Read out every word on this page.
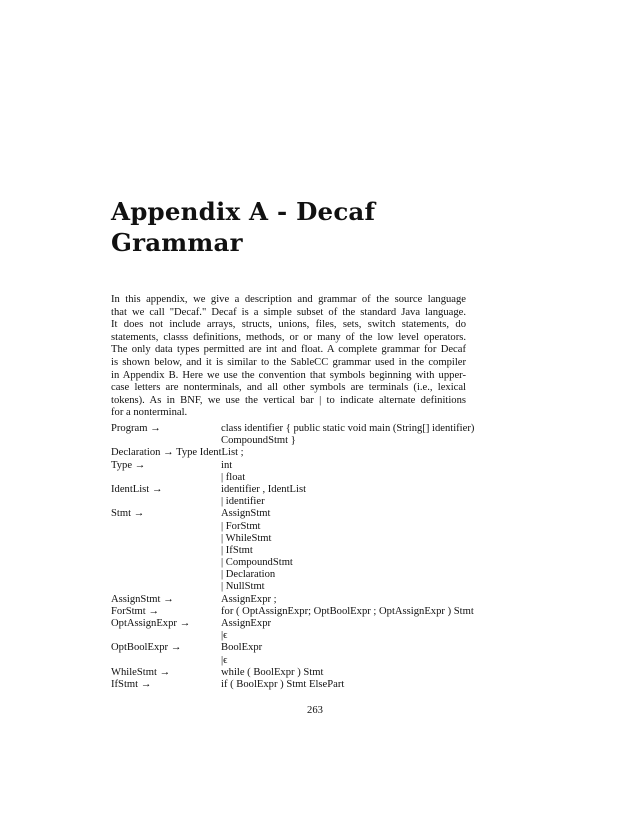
Appendix A - Decaf
Grammar

In this appendix, we give a description and grammar of the source language
that we call "Decaf." Decaf is a simple subset of the standard Java language.
It does not include arrays, structs, unions, files, sets, switch statements, do
statements, classs definitions, methods, or or many of the low level operators.
The only data types permitted are int and float. A complete grammar for Decaf
is shown below, and it is similar to the SableCC grammar used in the compiler
in Appendix B. Here we use the convention that symbols beginning with upper-
case letters are nonterminals, and all other symbols are terminals (i.e., lexical
tokens). As in BNF, we use the vertical bar | to indicate alternate definitions
for a nonterminal.

Program →	class identifier { public static void main (String[] identifier)
CompoundStmt }
Declaration → Type IdentList ;
Type →	int
| float
IdentList →	identifier , IdentList
| identifier
Stmt →	AssignStmt
| ForStmt
| WhileStmt
| IfStmt
| CompoundStmt
| Declaration
| NullStmt
AssignStmt →	AssignExpr ;
ForStmt →	for ( OptAssignExpr; OptBoolExpr ; OptAssignExpr ) Stmt
OptAssignExpr →	AssignExpr
|ϵ
OptBoolExpr →	BoolExpr
|ϵ
WhileStmt →	while ( BoolExpr ) Stmt
IfStmt →	if ( BoolExpr ) Stmt ElsePart
263
